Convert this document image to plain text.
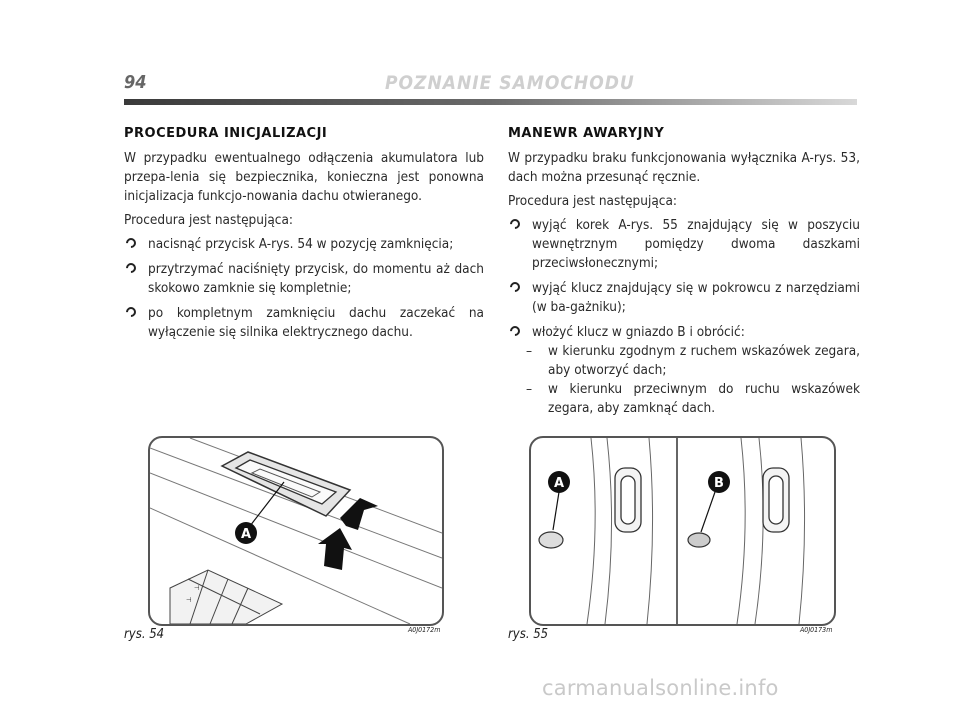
94	POZNANIE SAMOCHODU
PROCEDURA INICJALIZACJI

W przypadku ewentualnego odłączenia akumulatora lub przepa-lenia się bezpiecznika, konieczna jest ponowna inicjalizacja funkcjo-nowania dachu otwieranego.

Procedura jest następująca:

nacisnąć przycisk A-rys. 54 w pozycję zamknięcia;
przytrzymać naciśnięty przycisk, do momentu aż dach skokowo zamknie się kompletnie;
po kompletnym zamknięciu dachu zaczekać na wyłączenie się silnika elektrycznego dachu.
MANEWR AWARYJNY

W przypadku braku funkcjonowania wyłącznika A-rys. 53, dach można przesunąć ręcznie.

Procedura jest następująca:

wyjąć korek A-rys. 55 znajdujący się w poszyciu wewnętrznym pomiędzy dwoma daszkami przeciwsłonecznymi;
wyjąć klucz znajdujący się w pokrowcu z narzędziami (w ba-gażniku);
włożyć klucz w gniazdo B i obrócić:
– w kierunku zgodnym z ruchem wskazówek zegara, aby otworzyć dach;
– w kierunku przeciwnym do ruchu wskazówek zegara, aby zamknąć dach.
A
⊣
⊣
rys. 54	A0J0172m
A	B
rys. 55	A0J0173m
carmanualsonline.info
